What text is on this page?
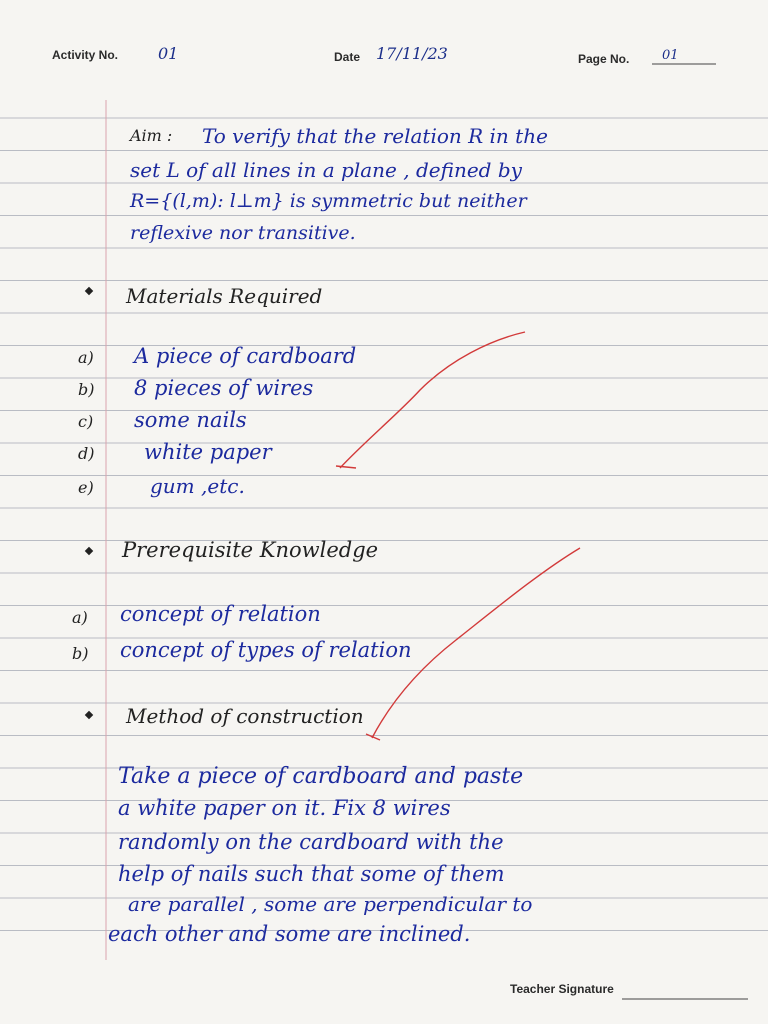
Activity No. 01	Date 17/11/23	Page No.	01
Aim : To verify that the relation R in the
set L of all lines in a plane , defined by
R={(l,m): l⊥m} is symmetric but neither
reflexive nor transitive.
Materials Required
a) A piece of cardboard
b) 8 pieces of wires
c) some nails
d) white paper
e)	gum ,etc.
Prerequisite Knowledge
a) concept of relation
b) concept of types of relation
Method of construction
Take a piece of cardboard and paste
a white paper on it. Fix 8 wires
randomly on the cardboard with the
help of nails such that some of them
are parallel , some are perpendicular to
each other and some are inclined.
Teacher Signature
